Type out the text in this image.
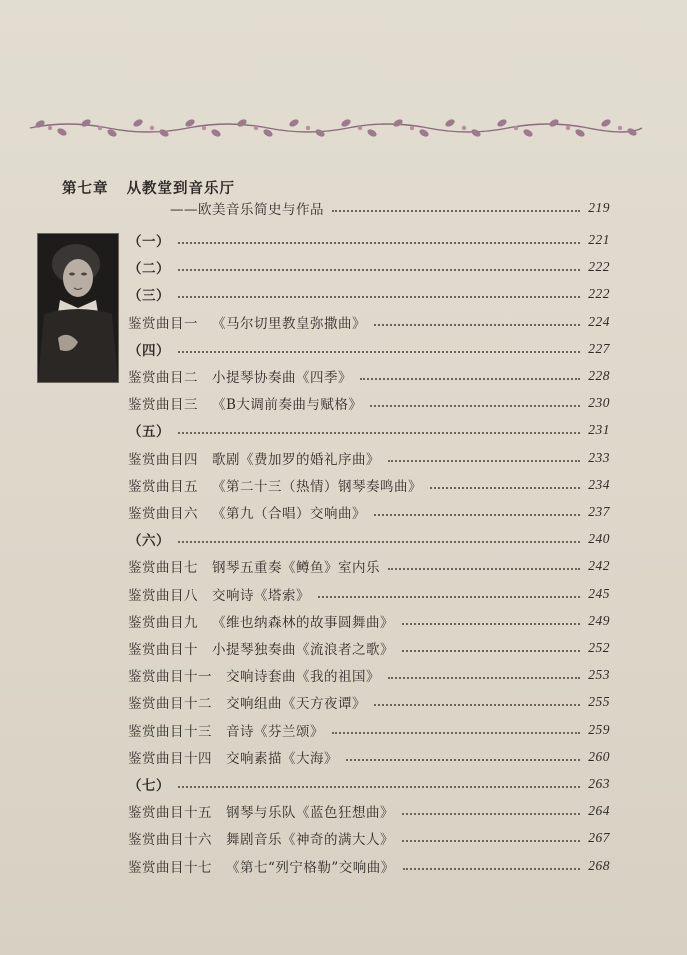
第七章 从教堂到音乐厅
——欧美音乐简史与作品	219
（一）	221
（二）	222
（三）	222
鉴赏曲目一 《马尔切里教皇弥撒曲》	224
（四）	227
鉴赏曲目二 小提琴协奏曲《四季》	228
鉴赏曲目三 《B大调前奏曲与赋格》	230
（五）	231
鉴赏曲目四 歌剧《费加罗的婚礼序曲》	233
鉴赏曲目五 《第二十三（热情）钢琴奏鸣曲》	234
鉴赏曲目六 《第九（合唱）交响曲》	237
（六）	240
鉴赏曲目七 钢琴五重奏《鳟鱼》室内乐	242
鉴赏曲目八 交响诗《塔索》	245
鉴赏曲目九 《维也纳森林的故事圆舞曲》	249
鉴赏曲目十 小提琴独奏曲《流浪者之歌》	252
鉴赏曲目十一 交响诗套曲《我的祖国》	253
鉴赏曲目十二 交响组曲《天方夜谭》	255
鉴赏曲目十三 音诗《芬兰颂》	259
鉴赏曲目十四 交响素描《大海》	260
（七）	263
鉴赏曲目十五 钢琴与乐队《蓝色狂想曲》	264
鉴赏曲目十六 舞剧音乐《神奇的满大人》	267
鉴赏曲目十七 《第七“列宁格勒”交响曲》	268
